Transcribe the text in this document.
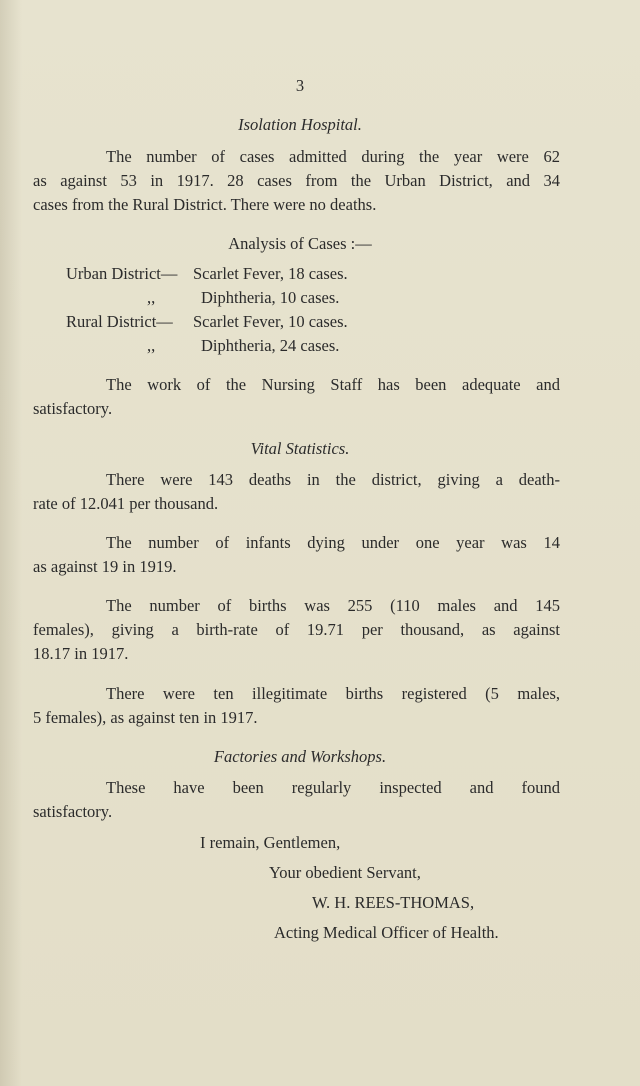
3
Isolation Hospital.
The number of cases admitted during the year were 62
as against 53 in 1917. 28 cases from the Urban District, and 34
cases from the Rural District. There were no deaths.
Analysis of Cases :—
Urban District— Scarlet Fever, 18 cases.
,,	Diphtheria, 10 cases.
Rural District— Scarlet Fever, 10 cases.
,,	Diphtheria, 24 cases.
The work of the Nursing Staff has been adequate and
satisfactory.
Vital Statistics.
There were 143 deaths in the district, giving a death-
rate of 12.041 per thousand.
The number of infants dying under one year was 14
as against 19 in 1919.
The number of births was 255 (110 males and 145
females), giving a birth-rate of 19.71 per thousand, as against
18.17 in 1917.
There were ten illegitimate births registered (5 males,
5 females), as against ten in 1917.
Factories and Workshops.
These have been regularly inspected and found
satisfactory.
I remain, Gentlemen,
Your obedient Servant,
W. H. REES-THOMAS,
Acting Medical Officer of Health.
